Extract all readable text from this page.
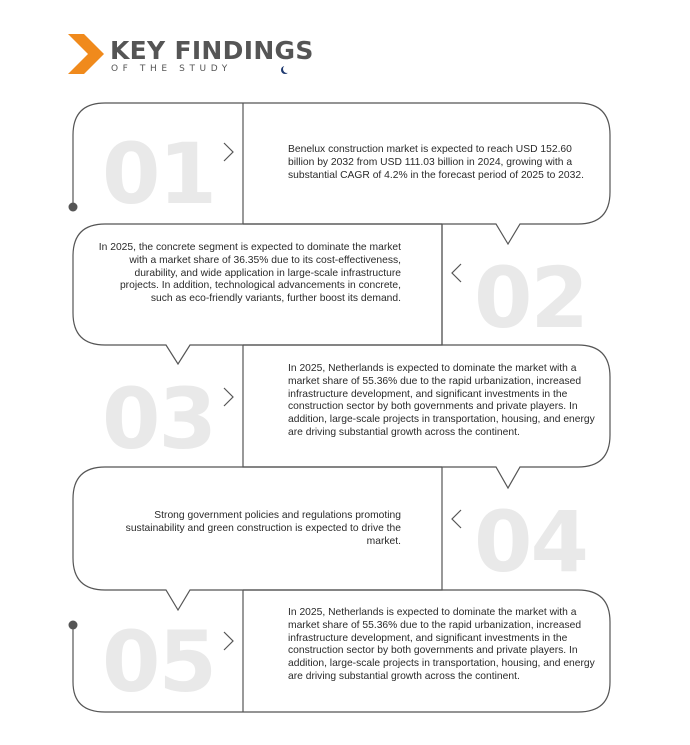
KEY FINDINGS
OF THE STUDY
01
02
03
04
05
Benelux construction market is expected to reach USD 152.60 billion by 2032 from USD 111.03 billion in 2024, growing with a substantial CAGR of 4.2% in the forecast period of 2025 to 2032.
In 2025, the concrete segment is expected to dominate the market with a market share of 36.35% due to its cost-effectiveness, durability, and wide application in large-scale infrastructure projects. In addition, technological advancements in concrete, such as eco-friendly variants, further boost its demand.
In 2025, Netherlands is expected to dominate the market with a market share of 55.36% due to the rapid urbanization, increased infrastructure development, and significant investments in the construction sector by both governments and private players. In addition, large-scale projects in transportation, housing, and energy are driving substantial growth across the continent.
Strong government policies and regulations promoting sustainability and green construction is expected to drive the market.
In 2025, Netherlands is expected to dominate the market with a market share of 55.36% due to the rapid urbanization, increased infrastructure development, and significant investments in the construction sector by both governments and private players. In addition, large-scale projects in transportation, housing, and energy are driving substantial growth across the continent.
